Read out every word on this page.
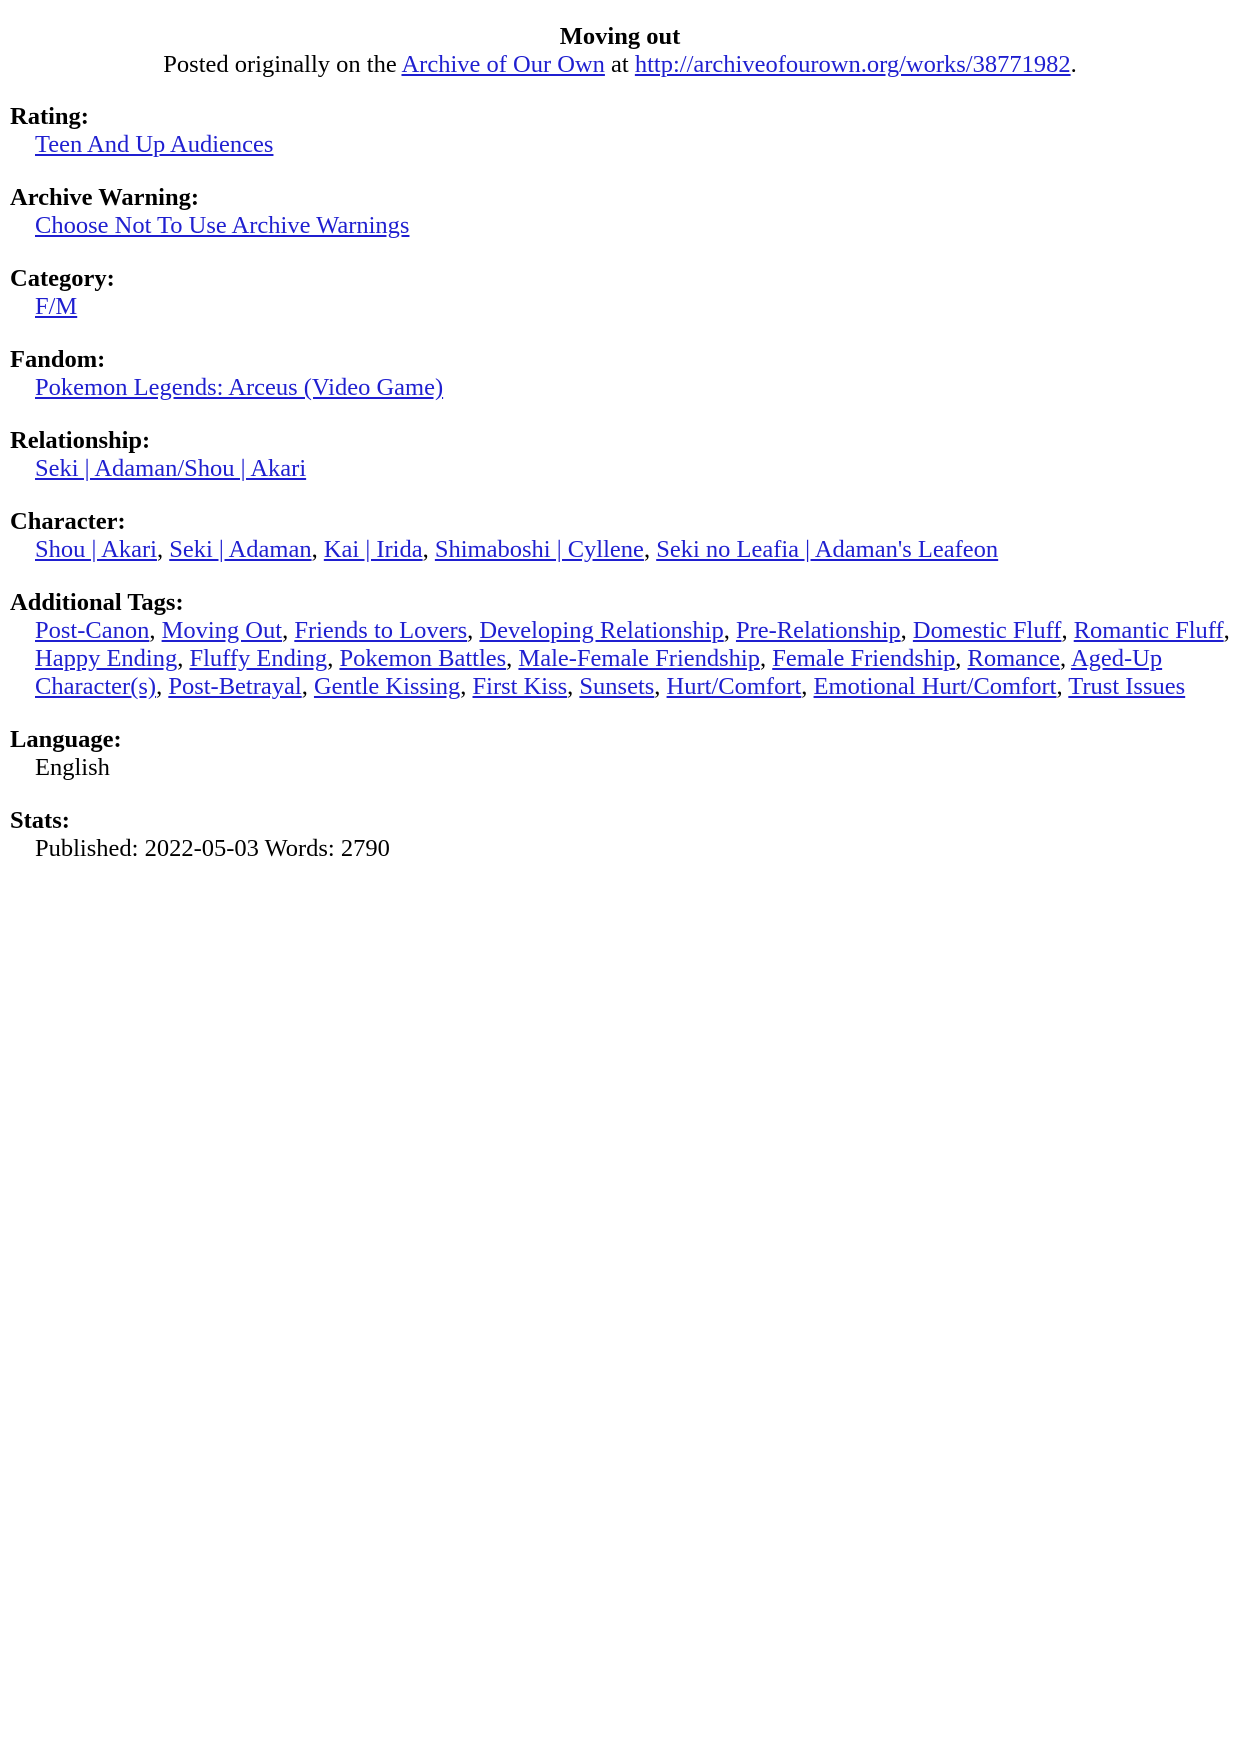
Moving out
Posted originally on the Archive of Our Own at http://archiveofourown.org/works/38771982.
Rating:
Teen And Up Audiences
Archive Warning:
Choose Not To Use Archive Warnings
Category:
F/M
Fandom:
Pokemon Legends: Arceus (Video Game)
Relationship:
Seki | Adaman/Shou | Akari
Character:
Shou | Akari, Seki | Adaman, Kai | Irida, Shimaboshi | Cyllene, Seki no Leafia | Adaman's Leafeon
Additional Tags:
Post-Canon, Moving Out, Friends to Lovers, Developing Relationship, Pre-Relationship, Domestic Fluff, Romantic Fluff, Happy Ending, Fluffy Ending, Pokemon Battles, Male-Female Friendship, Female Friendship, Romance, Aged-Up Character(s), Post-Betrayal, Gentle Kissing, First Kiss, Sunsets, Hurt/Comfort, Emotional Hurt/Comfort, Trust Issues
Language:
English
Stats:
Published: 2022-05-03 Words: 2790
